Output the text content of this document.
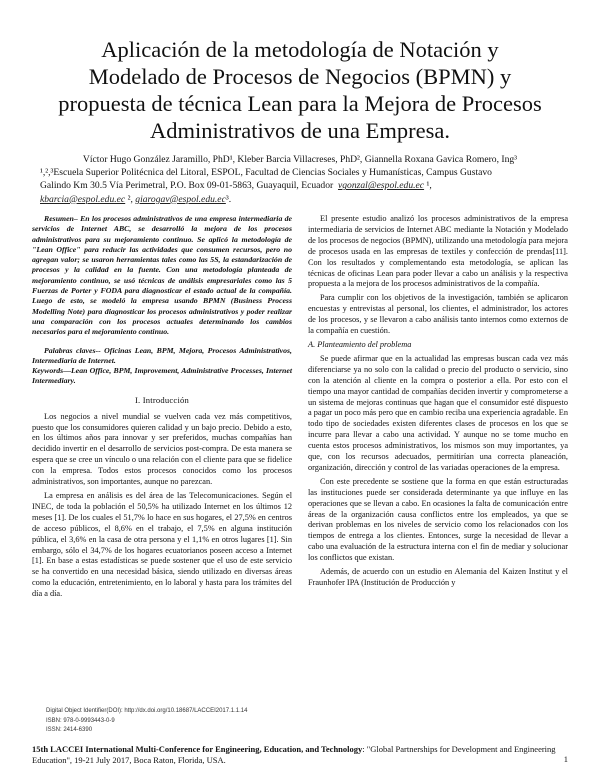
Aplicación de la metodología de Notación y
Modelado de Procesos de Negocios (BPMN) y
propuesta de técnica Lean para la Mejora de Procesos
Administrativos de una Empresa.
Víctor Hugo González Jaramillo, PhD¹, Kleber Barcia Villacreses, PhD², Giannella Roxana Gavica Romero, Ing³
¹,²,³Escuela Superior Politécnica del Litoral, ESPOL, Facultad de Ciencias Sociales y Humanísticas, Campus Gustavo
Galindo Km 30.5 Vía Perimetral, P.O. Box 09-01-5863, Guayaquil, Ecuador vgonzal@espol.edu.ec ¹,
kbarcia@espol.edu.ec ², giarogav@espol.edu.ec³.

Resumen– En los procesos administrativos de una empresa intermediaria de servicios de Internet ABC, se desarrolló la mejora de los procesos administrativos para su mejoramiento continuo. Se aplicó la metodología de "Lean Office" para reducir las actividades que consumen recursos, pero no agregan valor; se usaron herramientas tales como las 5S, la estandarización de procesos y la calidad en la fuente. Con una metodología planteada de mejoramiento continuo, se usó técnicas de análisis empresariales como las 5 Fuerzas de Porter y FODA para diagnosticar el estado actual de la compañía. Luego de esto, se modeló la empresa usando BPMN (Business Process Modelling Note) para diagnosticar los procesos administrativos y poder realizar una comparación con los procesos actuales determinando los cambios necesarios para el mejoramiento continuo.

Palabras claves-- Oficinas Lean, BPM, Mejora, Procesos Administrativos, Intermediaria de Internet.
Keywords—Lean Office, BPM, Improvement, Administrative Processes, Internet Intermediary.
I. Introducción

Los negocios a nivel mundial se vuelven cada vez más competitivos, puesto que los consumidores quieren calidad y un bajo precio. Debido a esto, en los últimos años para innovar y ser preferidos, muchas compañías han decidido invertir en el desarrollo de servicios post-compra. De esta manera se espera que se cree un vínculo o una relación con el cliente para que se fidelice con la empresa. Todos estos procesos conocidos como los procesos administrativos, son importantes, aunque no parezcan.

La empresa en análisis es del área de las Telecomunicaciones. Según el INEC, de toda la población el 50,5% ha utilizado Internet en los últimos 12 meses [1]. De los cuales el 51,7% lo hace en sus hogares, el 27,5% en centros de acceso públicos, el 8,6% en el trabajo, el 7,5% en alguna institución pública, el 3,6% en la casa de otra persona y el 1,1% en otros lugares [1]. Sin embargo, sólo el 34,7% de los hogares ecuatorianos poseen acceso a Internet [1]. En base a estas estadísticas se puede sostener que el uso de este servicio se ha convertido en una necesidad básica, siendo utilizado en diversas áreas como la educación, entretenimiento, en lo laboral y hasta para los trámites del día a día.

Digital Object Identifier(DOI): http://dx.doi.org/10.18687/LACCEI2017.1.1.14
ISBN: 978-0-9993443-0-9
ISSN: 2414-6390

El presente estudio analizó los procesos administrativos de la empresa intermediaria de servicios de Internet ABC mediante la Notación y Modelado de los procesos de negocios (BPMN), utilizando una metodología para mejora de procesos usada en las empresas de textiles y confección de prendas[11]. Con los resultados y complementando esta metodología, se aplican las técnicas de oficinas Lean para poder llevar a cabo un análisis y la respectiva propuesta a la mejora de los procesos administrativos de la compañía.

Para cumplir con los objetivos de la investigación, también se aplicaron encuestas y entrevistas al personal, los clientes, el administrador, los actores de los procesos, y se llevaron a cabo análisis tanto internos como externos de la compañía en cuestión.

A. Planteamiento del problema

Se puede afirmar que en la actualidad las empresas buscan cada vez más diferenciarse ya no solo con la calidad o precio del producto o servicio, sino con la atención al cliente en la compra o posterior a ella. Por esto con el tiempo una mayor cantidad de compañías deciden invertir y comprometerse a un sistema de mejoras continuas que hagan que el consumidor esté dispuesto a pagar un poco más pero que en cambio reciba una experiencia agradable. En todo tipo de sociedades existen diferentes clases de procesos en los que se incurre para llevar a cabo una actividad. Y aunque no se tome mucho en cuenta estos procesos administrativos, los mismos son muy importantes, ya que, con los recursos adecuados, permitirían una correcta planeación, organización, dirección y control de las variadas operaciones de la empresa.

Con este precedente se sostiene que la forma en que están estructuradas las instituciones puede ser considerada determinante ya que influye en las operaciones que se llevan a cabo. En ocasiones la falta de comunicación entre áreas de la organización causa conflictos entre los empleados, ya que se derivan problemas en los niveles de servicio como los relacionados con los tiempos de entrega a los clientes. Entonces, surge la necesidad de llevar a cabo una evaluación de la estructura interna con el fin de mediar y solucionar los conflictos que existan.

Además, de acuerdo con un estudio en Alemania del Kaizen Institut y el Fraunhofer IPA (Institución de Producción y

15th LACCEI International Multi-Conference for Engineering, Education, and Technology: "Global Partnerships for Development and Engineering Education", 19-21 July 2017, Boca Raton, Florida, USA.	1
